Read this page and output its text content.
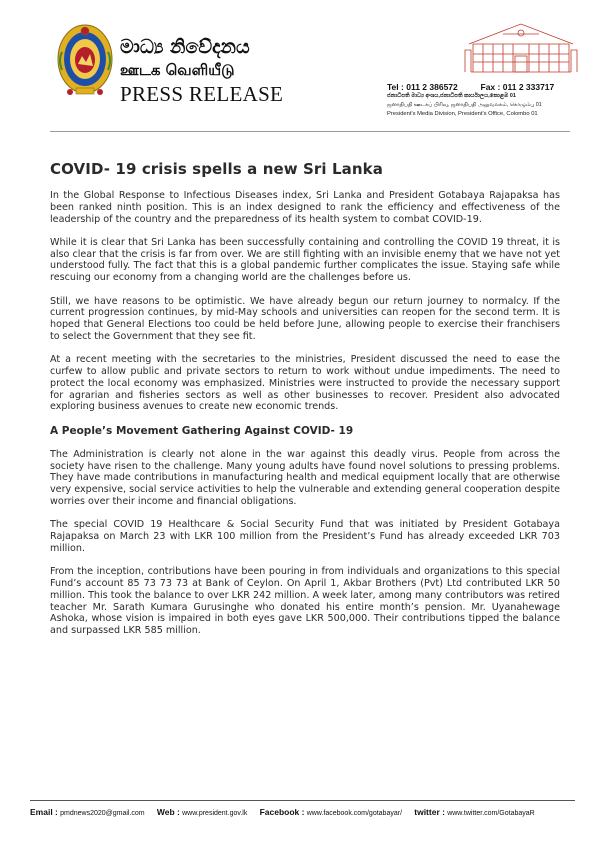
මාධ්‍ය නිවේදනය
ஊடக வெளியீடு
PRESS RELEASE	Tel : 011 2 386572	Fax : 011 2 333717
ජනාධිපති මාධ්‍ය අංශය,ජනාධිපති කාර්යාලය,කොළඹ 01
ஜனாதிபதி ஊடகப் பிரிவு, ஜனாதிபதி அலுவலகம், கொழும்பு 01
President's Media Division, President's Office, Colombo 01
COVID- 19 crisis spells a new Sri Lanka

In the Global Response to Infectious Diseases index, Sri Lanka and President Gotabaya Rajapaksa has been ranked ninth position. This is an index designed to rank the efficiency and effectiveness of the leadership of the country and the preparedness of its health system to combat COVID-19.

While it is clear that Sri Lanka has been successfully containing and controlling the COVID 19 threat, it is also clear that the crisis is far from over. We are still fighting with an invisible enemy that we have not yet understood fully. The fact that this is a global pandemic further complicates the issue. Staying safe while rescuing our economy from a changing world are the challenges before us.

Still, we have reasons to be optimistic. We have already begun our return journey to normalcy. If the current progression continues, by mid-May schools and universities can reopen for the second term. It is hoped that General Elections too could be held before June, allowing people to exercise their franchisers to select the Government that they see fit.

At a recent meeting with the secretaries to the ministries, President discussed the need to ease the curfew to allow public and private sectors to return to work without undue impediments. The need to protect the local economy was emphasized. Ministries were instructed to provide the necessary support for agrarian and fisheries sectors as well as other businesses to recover. President also advocated exploring business avenues to create new economic trends.

A People’s Movement Gathering Against COVID- 19

The Administration is clearly not alone in the war against this deadly virus. People from across the society have risen to the challenge. Many young adults have found novel solutions to pressing problems. They have made contributions in manufacturing health and medical equipment locally that are otherwise very expensive, social service activities to help the vulnerable and extending general cooperation despite worries over their income and financial obligations.

The special COVID 19 Healthcare & Social Security Fund that was initiated by President Gotabaya Rajapaksa on March 23 with LKR 100 million from the President’s Fund has already exceeded LKR 703 million.

From the inception, contributions have been pouring in from individuals and organizations to this special Fund’s account 85 73 73 73 at Bank of Ceylon. On April 1, Akbar Brothers (Pvt) Ltd contributed LKR 50 million. This took the balance to over LKR 242 million. A week later, among many contributors was retired teacher Mr. Sarath Kumara Gurusinghe who donated his entire month’s pension. Mr. Uyanahewage Ashoka, whose vision is impaired in both eyes gave LKR 500,000. Their contributions tipped the balance and surpassed LKR 585 million.

Email : pmdnews2020@gmail.com Web : www.president.gov.lk Facebook : www.facebook.com/gotabayar/ twitter : www.twitter.com/GotabayaR
